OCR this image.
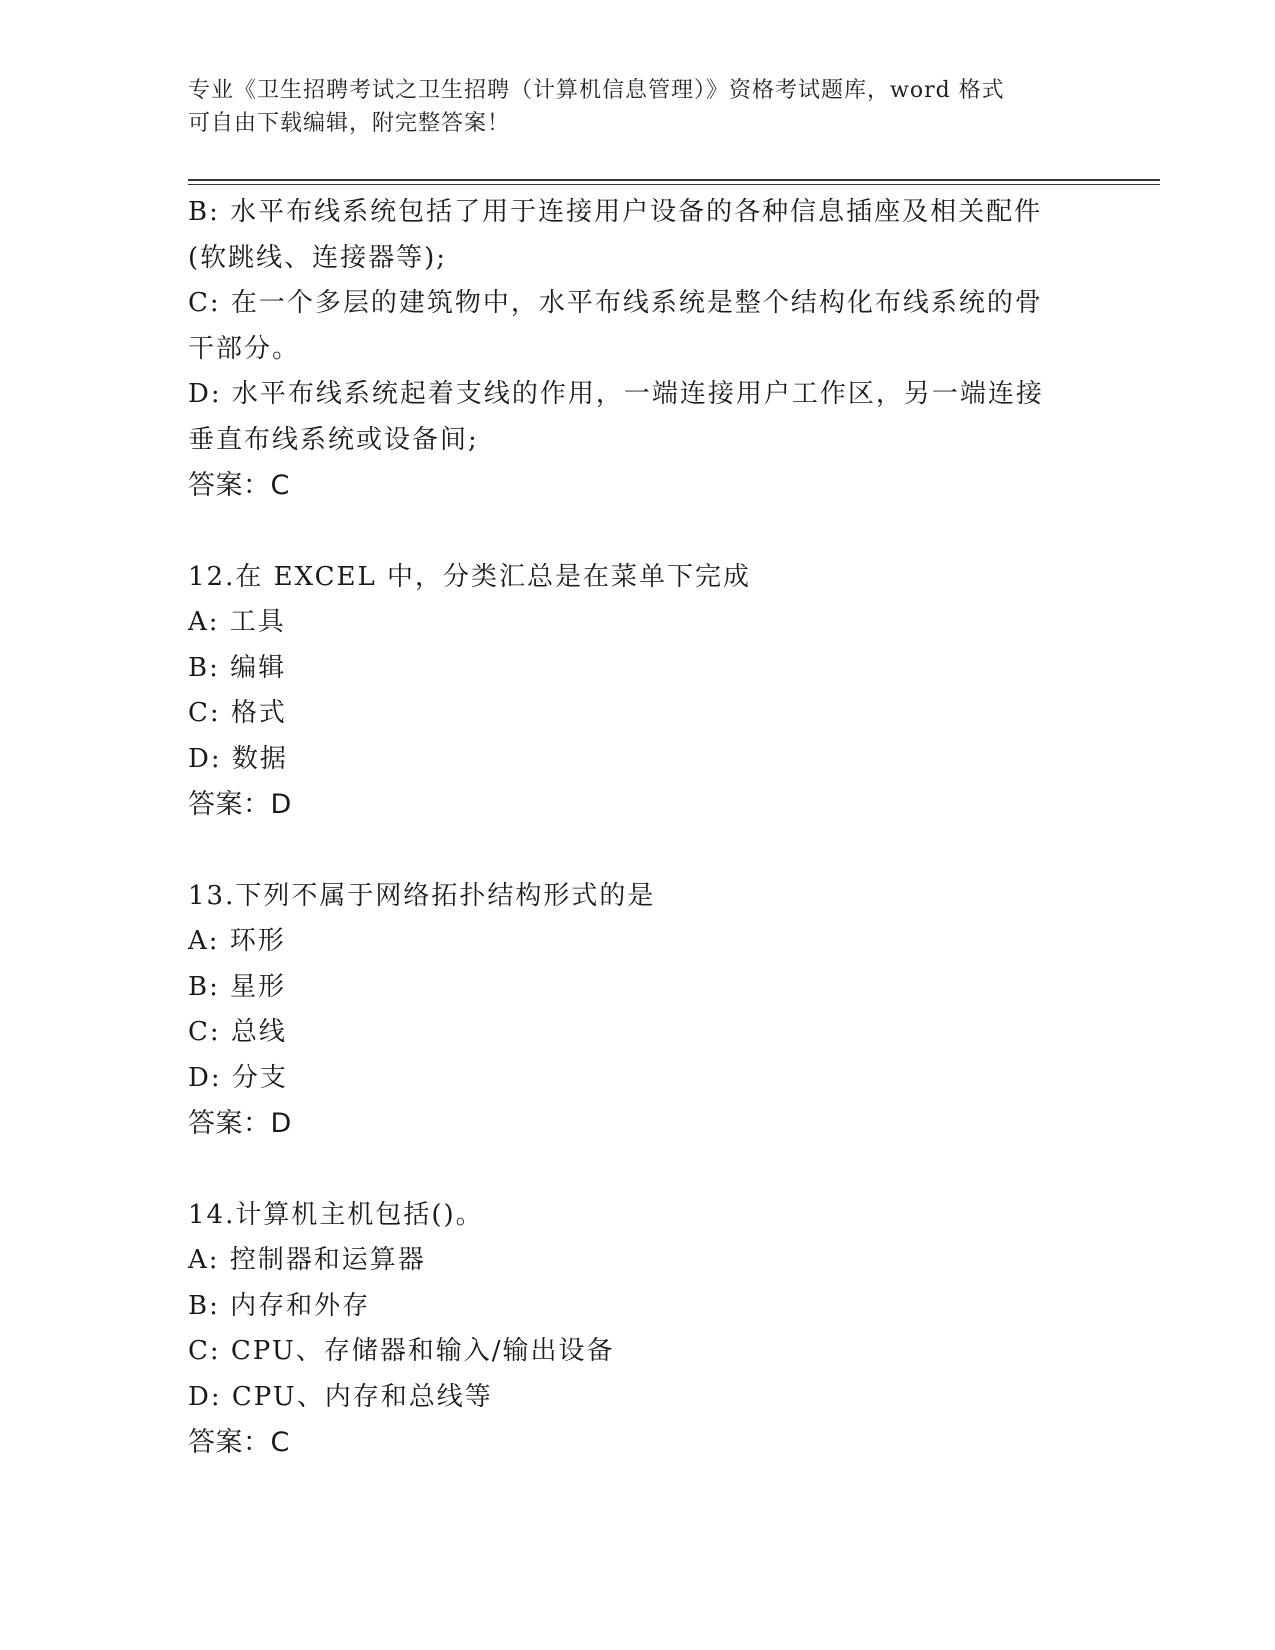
专业《卫生招聘考试之卫生招聘（计算机信息管理）》资格考试题库，word 格式
可自由下载编辑，附完整答案！
B: 水平布线系统包括了用于连接用户设备的各种信息插座及相关配件
(软跳线、连接器等);
C: 在一个多层的建筑物中，水平布线系统是整个结构化布线系统的骨
干部分。
D: 水平布线系统起着支线的作用，一端连接用户工作区，另一端连接
垂直布线系统或设备间;
答案：C
12.在 EXCEL 中，分类汇总是在菜单下完成
A: 工具
B: 编辑
C: 格式
D: 数据
答案：D
13.下列不属于网络拓扑结构形式的是
A: 环形
B: 星形
C: 总线
D: 分支
答案：D
14.计算机主机包括()。
A: 控制器和运算器
B: 内存和外存
C: CPU、存储器和输入/输出设备
D: CPU、内存和总线等
答案：C
